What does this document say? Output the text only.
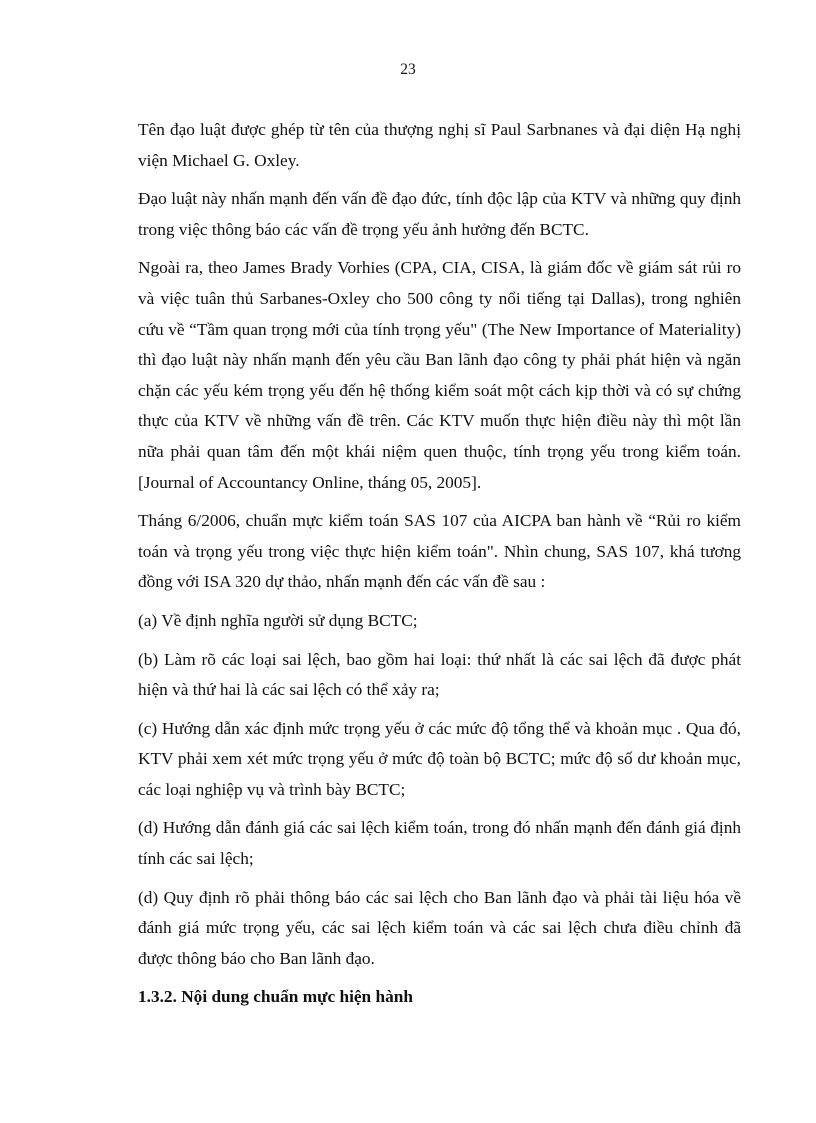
23

Tên đạo luật được ghép từ tên của thượng nghị sĩ Paul Sarbnanes và đại diện Hạ nghị viện Michael G. Oxley.

Đạo luật này nhấn mạnh đến vấn đề đạo đức, tính độc lập của KTV và những quy định trong việc thông báo các vấn đề trọng yếu ảnh hưởng đến BCTC.

Ngoài ra, theo James Brady Vorhies (CPA, CIA, CISA, là giám đốc về giám sát rủi ro và việc tuân thủ Sarbanes-Oxley cho 500 công ty nổi tiếng tại Dallas), trong nghiên cứu về “Tầm quan trọng mới của tính trọng yếu" (The New Importance of Materiality) thì đạo luật này nhấn mạnh đến yêu cầu Ban lãnh đạo công ty phải phát hiện và ngăn chặn các yếu kém trọng yếu đến hệ thống kiểm soát một cách kịp thời và có sự chứng thực của KTV về những vấn đề trên. Các KTV muốn thực hiện điều này thì một lần nữa phải quan tâm đến một khái niệm quen thuộc, tính trọng yếu trong kiểm toán. [Journal of Accountancy Online, tháng 05, 2005].

Tháng 6/2006, chuẩn mực kiểm toán SAS 107 của AICPA ban hành về “Rủi ro kiểm toán và trọng yếu trong việc thực hiện kiểm toán". Nhìn chung, SAS 107, khá tương đồng với ISA 320 dự thảo, nhấn mạnh đến các vấn đề sau :

(a) Về định nghĩa người sử dụng BCTC;

(b) Làm rõ các loại sai lệch, bao gồm hai loại: thứ nhất là các sai lệch đã được phát hiện và thứ hai là các sai lệch có thể xảy ra;

(c) Hướng dẫn xác định mức trọng yếu ở các mức độ tổng thể và khoản mục . Qua đó, KTV phải xem xét mức trọng yếu ở mức độ toàn bộ BCTC; mức độ số dư khoản mục, các loại nghiệp vụ và trình bày BCTC;

(d) Hướng dẫn đánh giá các sai lệch kiểm toán, trong đó nhấn mạnh đến đánh giá định tính các sai lệch;

(d) Quy định rõ phải thông báo các sai lệch cho Ban lãnh đạo và phải tài liệu hóa về đánh giá mức trọng yếu, các sai lệch kiểm toán và các sai lệch chưa điều chỉnh đã được thông báo cho Ban lãnh đạo.

1.3.2. Nội dung chuẩn mực hiện hành
